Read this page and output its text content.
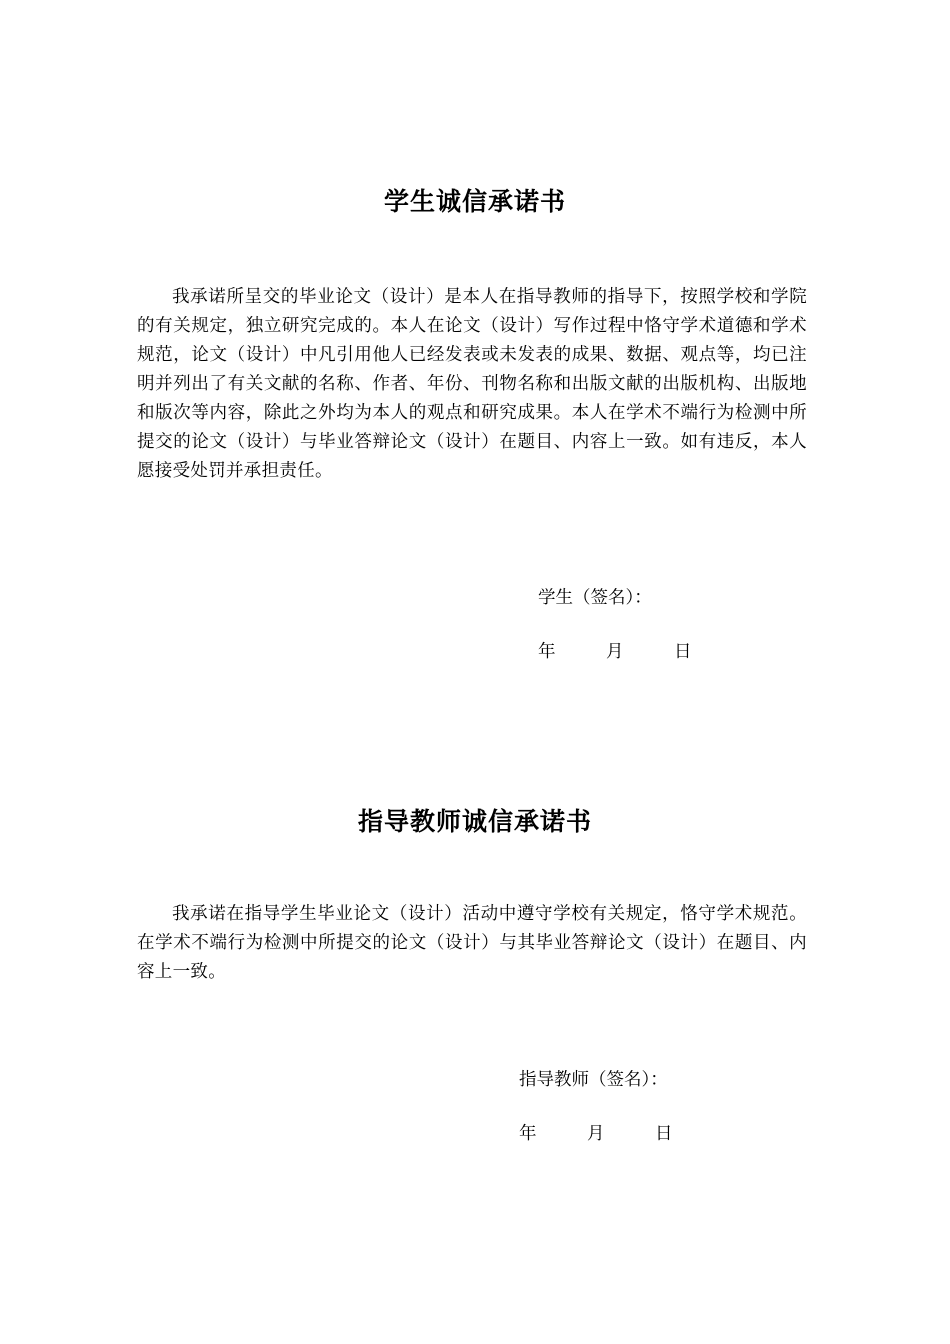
学生诚信承诺书

我承诺所呈交的毕业论文（设计）是本人在指导教师的指导下，按照学校和学院的有关规定，独立研究完成的。本人在论文（设计）写作过程中恪守学术道德和学术规范，论文（设计）中凡引用他人已经发表或未发表的成果、数据、观点等，均已注明并列出了有关文献的名称、作者、年份、刊物名称和出版文献的出版机构、出版地和版次等内容，除此之外均为本人的观点和研究成果。本人在学术不端行为检测中所提交的论文（设计）与毕业答辩论文（设计）在题目、内容上一致。如有违反，本人愿接受处罚并承担责任。

学生（签名）：
年	月	日
指导教师诚信承诺书

我承诺在指导学生毕业论文（设计）活动中遵守学校有关规定，恪守学术规范。在学术不端行为检测中所提交的论文（设计）与其毕业答辩论文（设计）在题目、内容上一致。

指导教师（签名）：
年	月	日
